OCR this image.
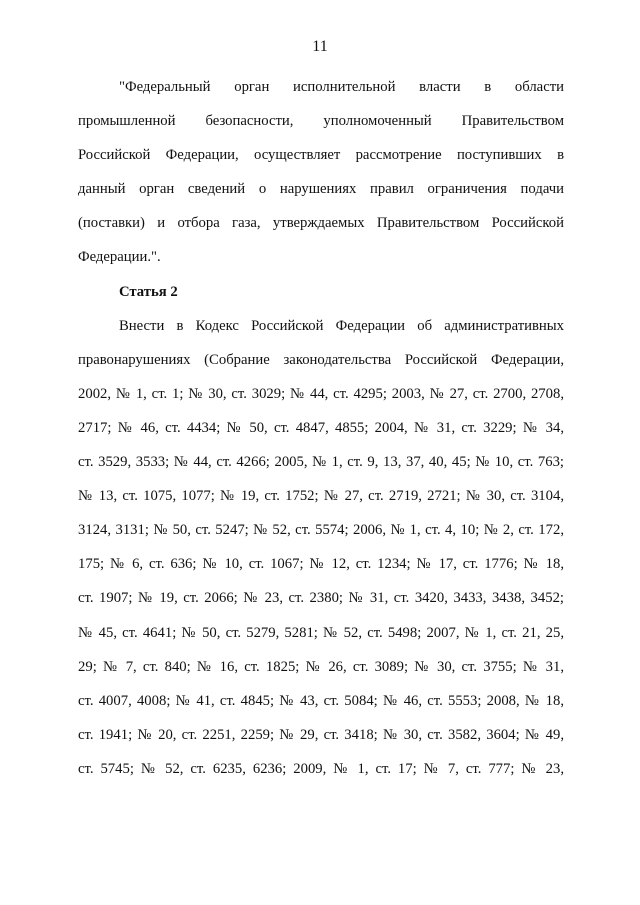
11
"Федеральный орган исполнительной власти в области
промышленной безопасности, уполномоченный Правительством
Российской Федерации, осуществляет рассмотрение поступивших в
данный орган сведений о нарушениях правил ограничения подачи
(поставки) и отбора газа, утверждаемых Правительством Российской
Федерации.".
Статья 2
Внести в Кодекс Российской Федерации об административных
правонарушениях (Собрание законодательства Российской Федерации,
2002, № 1, ст. 1; № 30, ст. 3029; № 44, ст. 4295; 2003, № 27, ст. 2700, 2708,
2717; № 46, ст. 4434; № 50, ст. 4847, 4855; 2004, № 31, ст. 3229; № 34,
ст. 3529, 3533; № 44, ст. 4266; 2005, № 1, ст. 9, 13, 37, 40, 45; № 10, ст. 763;
№ 13, ст. 1075, 1077; № 19, ст. 1752; № 27, ст. 2719, 2721; № 30, ст. 3104,
3124, 3131; № 50, ст. 5247; № 52, ст. 5574; 2006, № 1, ст. 4, 10; № 2, ст. 172,
175; № 6, ст. 636; № 10, ст. 1067; № 12, ст. 1234; № 17, ст. 1776; № 18,
ст. 1907; № 19, ст. 2066; № 23, ст. 2380; № 31, ст. 3420, 3433, 3438, 3452;
№ 45, ст. 4641; № 50, ст. 5279, 5281; № 52, ст. 5498; 2007, № 1, ст. 21, 25,
29; № 7, ст. 840; № 16, ст. 1825; № 26, ст. 3089; № 30, ст. 3755; № 31,
ст. 4007, 4008; № 41, ст. 4845; № 43, ст. 5084; № 46, ст. 5553; 2008, № 18,
ст. 1941; № 20, ст. 2251, 2259; № 29, ст. 3418; № 30, ст. 3582, 3604; № 49,
ст. 5745; № 52, ст. 6235, 6236; 2009, № 1, ст. 17; № 7, ст. 777; № 23,
